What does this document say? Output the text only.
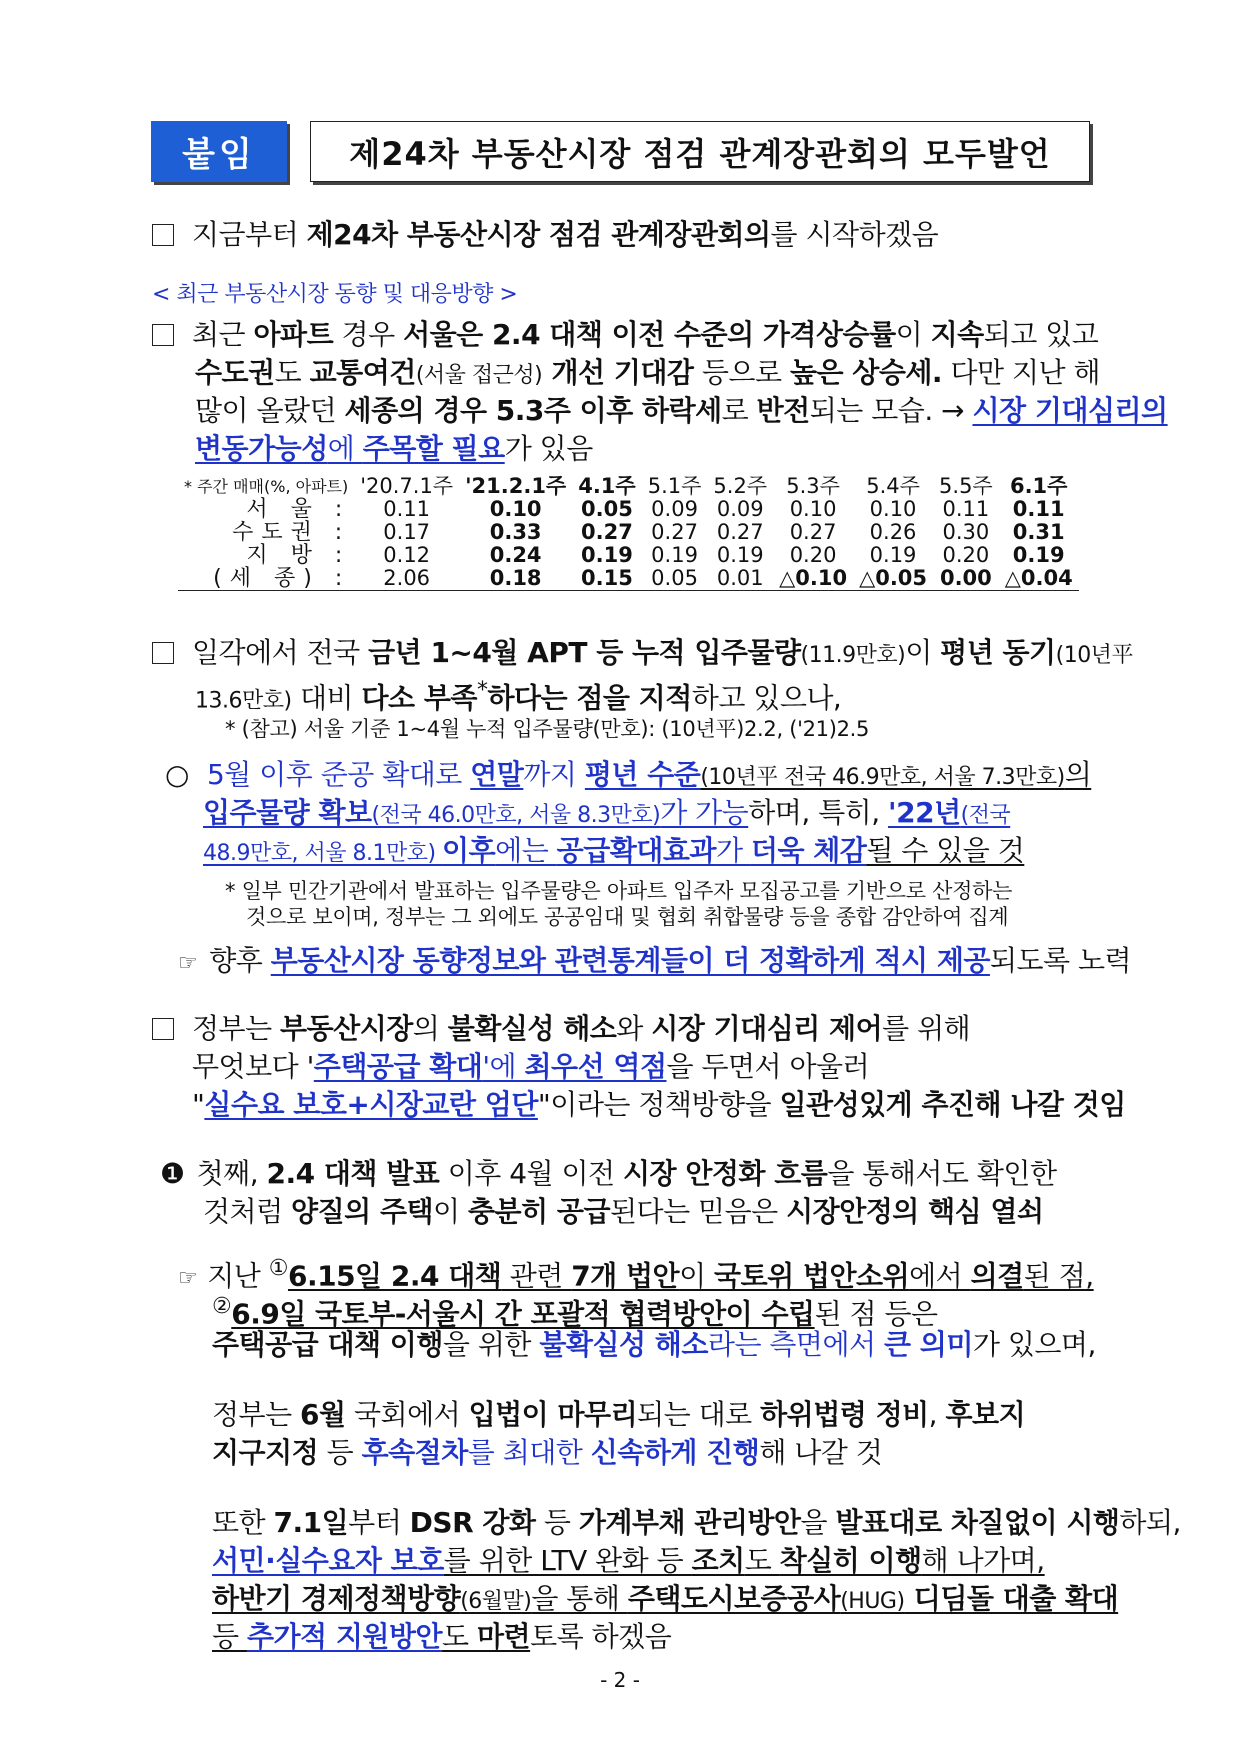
붙임	제24차 부동산시장 점검 관계장관회의 모두발언
지금부터 제24차 부동산시장 점검 관계장관회의를 시작하겠음
< 최근 부동산시장 동향 및 대응방향 >
최근 아파트 경우 서울은 2.4 대책 이전 수준의 가격상승률이 지속되고 있고
수도권도 교통여건(서울 접근성) 개선 기대감 등으로 높은 상승세. 다만 지난 해
많이 올랐던 세종의 경우 5.3주 이후 하락세로 반전되는 모습. → 시장 기대심리의
변동가능성에 주목할 필요가 있음
* 주간 매매(%, 아파트)	'20.7.1주	'21.2.1주	4.1주	5.1주	5.2주	5.3주	5.4주	5.5주	6.1주
서 울 :	0.11	0.10	0.05	0.09	0.09	0.10	0.10	0.11	0.11
수도권 :	0.17	0.33	0.27	0.27	0.27	0.27	0.26	0.30	0.31
지 방 :	0.12	0.24	0.19	0.19	0.19	0.20	0.19	0.20	0.19
(세 종) :	2.06	0.18	0.15	0.05	0.01	△0.10	△0.05	0.00	△0.04
일각에서 전국 금년 1~4월 APT 등 누적 입주물량(11.9만호)이 평년 동기(10년平
13.6만호) 대비 다소 부족*하다는 점을 지적하고 있으나,
* (참고) 서울 기준 1~4월 누적 입주물량(만호): (10년平)2.2, ('21)2.5
○ 5월 이후 준공 확대로 연말까지 평년 수준(10년平 전국 46.9만호, 서울 7.3만호)의
입주물량 확보(전국 46.0만호, 서울 8.3만호)가 가능하며, 특히, '22년(전국
48.9만호, 서울 8.1만호) 이후에는 공급확대효과가 더욱 체감될 수 있을 것
* 일부 민간기관에서 발표하는 입주물량은 아파트 입주자 모집공고를 기반으로 산정하는
것으로 보이며, 정부는 그 외에도 공공임대 및 협회 취합물량 등을 종합 감안하여 집계
☞ 향후 부동산시장 동향정보와 관련통계들이 더 정확하게 적시 제공되도록 노력
정부는 부동산시장의 불확실성 해소와 시장 기대심리 제어를 위해
무엇보다 '주택공급 확대'에 최우선 역점을 두면서 아울러
"실수요 보호+시장교란 엄단"이라는 정책방향을 일관성있게 추진해 나갈 것임
❶ 첫째, 2.4 대책 발표 이후 4월 이전 시장 안정화 흐름을 통해서도 확인한
것처럼 양질의 주택이 충분히 공급된다는 믿음은 시장안정의 핵심 열쇠
☞ 지난 ①6.15일 2.4 대책 관련 7개 법안이 국토위 법안소위에서 의결된 점,
②6.9일 국토부-서울시 간 포괄적 협력방안이 수립된 점 등은
주택공급 대책 이행을 위한 불확실성 해소라는 측면에서 큰 의미가 있으며,
정부는 6월 국회에서 입법이 마무리되는 대로 하위법령 정비, 후보지
지구지정 등 후속절차를 최대한 신속하게 진행해 나갈 것
또한 7.1일부터 DSR 강화 등 가계부채 관리방안을 발표대로 차질없이 시행하되,
서민·실수요자 보호를 위한 LTV 완화 등 조치도 착실히 이행해 나가며,
하반기 경제정책방향(6월말)을 통해 주택도시보증공사(HUG) 디딤돌 대출 확대
등 추가적 지원방안도 마련토록 하겠음
- 2 -
